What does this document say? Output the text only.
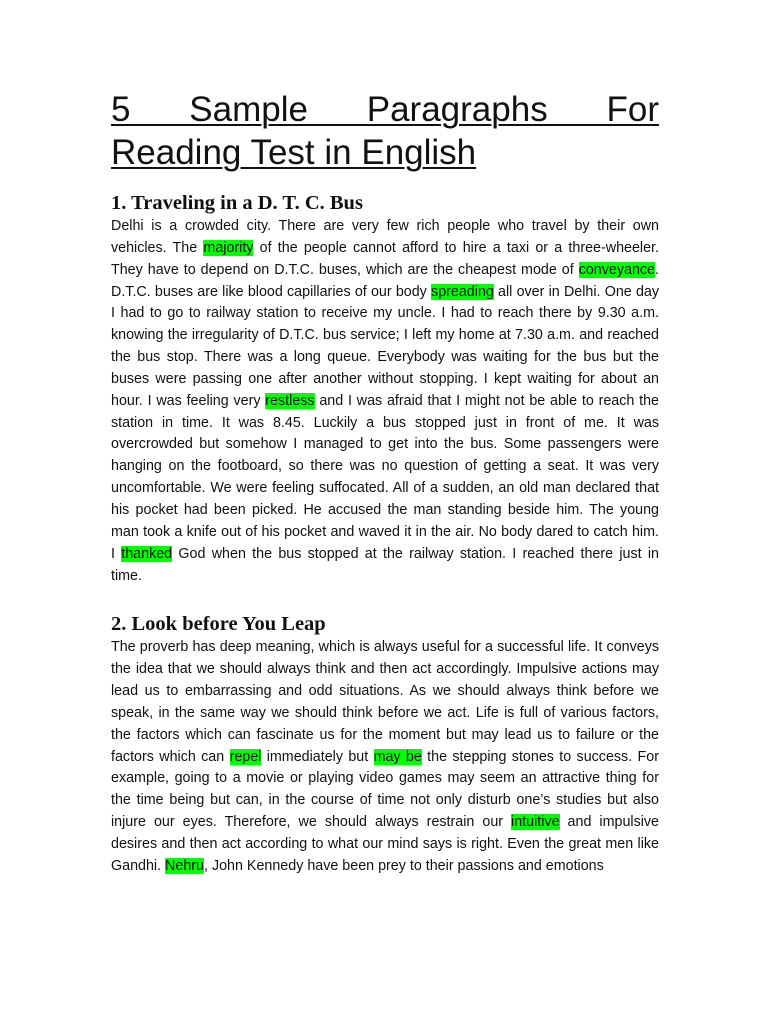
5 Sample Paragraphs For
Reading Test in English
1. Traveling in a D. T. C. Bus

Delhi is a crowded city. There are very few rich people who travel by their own vehicles. The majority of the people cannot afford to hire a taxi or a three-wheeler. They have to depend on D.T.C. buses, which are the cheapest mode of conveyance. D.T.C. buses are like blood capillaries of our body spreading all over in Delhi. One day I had to go to railway station to receive my uncle. I had to reach there by 9.30 a.m. knowing the irregularity of D.T.C. bus service; I left my home at 7.30 a.m. and reached the bus stop. There was a long queue. Everybody was waiting for the bus but the buses were passing one after another without stopping. I kept waiting for about an hour. I was feeling very restless and I was afraid that I might not be able to reach the station in time. It was 8.45. Luckily a bus stopped just in front of me. It was overcrowded but somehow I managed to get into the bus. Some passengers were hanging on the footboard, so there was no question of getting a seat. It was very uncomfortable. We were feeling suffocated. All of a sudden, an old man declared that his pocket had been picked. He accused the man standing beside him. The young man took a knife out of his pocket and waved it in the air. No body dared to catch him. I thanked God when the bus stopped at the railway station. I reached there just in time.

2. Look before You Leap

The proverb has deep meaning, which is always useful for a successful life. It conveys the idea that we should always think and then act accordingly. Impulsive actions may lead us to embarrassing and odd situations. As we should always think before we speak, in the same way we should think before we act. Life is full of various factors, the factors which can fascinate us for the moment but may lead us to failure or the factors which can repel immediately but may be the stepping stones to success. For example, going to a movie or playing video games may seem an attractive thing for the time being but can, in the course of time not only disturb one’s studies but also injure our eyes. Therefore, we should always restrain our intuitive and impulsive desires and then act according to what our mind says is right. Even the great men like Gandhi. Nehru, John Kennedy have been prey to their passions and emotions
